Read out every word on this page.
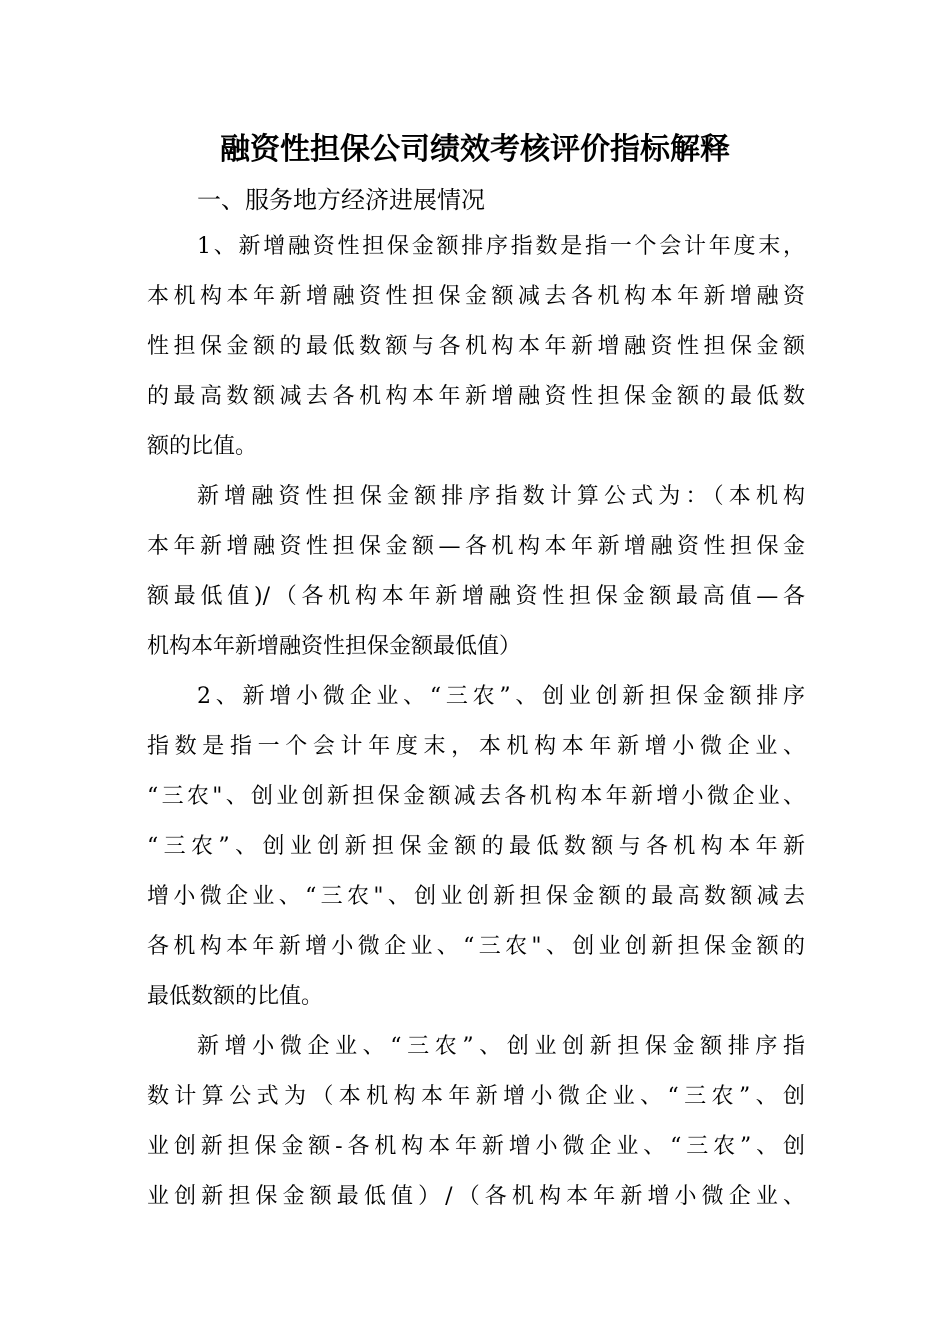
融资性担保公司绩效考核评价指标解释
一、服务地方经济进展情况
1、新增融资性担保金额排序指数是指一个会计年度末，
本机构本年新增融资性担保金额减去各机构本年新增融资
性担保金额的最低数额与各机构本年新增融资性担保金额
的最高数额减去各机构本年新增融资性担保金额的最低数
额的比值。
新增融资性担保金额排序指数计算公式为：（本机构
本年新增融资性担保金额—各机构本年新增融资性担保金
额最低值)/（各机构本年新增融资性担保金额最高值—各
机构本年新增融资性担保金额最低值）
2、新增小微企业、“三农”、创业创新担保金额排序
指数是指一个会计年度末，本机构本年新增小微企业、
“三农"、创业创新担保金额减去各机构本年新增小微企业、
“三农”、创业创新担保金额的最低数额与各机构本年新
增小微企业、“三农"、创业创新担保金额的最高数额减去
各机构本年新增小微企业、“三农"、创业创新担保金额的
最低数额的比值。
新增小微企业、“三农”、创业创新担保金额排序指
数计算公式为（本机构本年新增小微企业、“三农”、创
业创新担保金额-各机构本年新增小微企业、“三农”、创
业创新担保金额最低值）/（各机构本年新增小微企业、
